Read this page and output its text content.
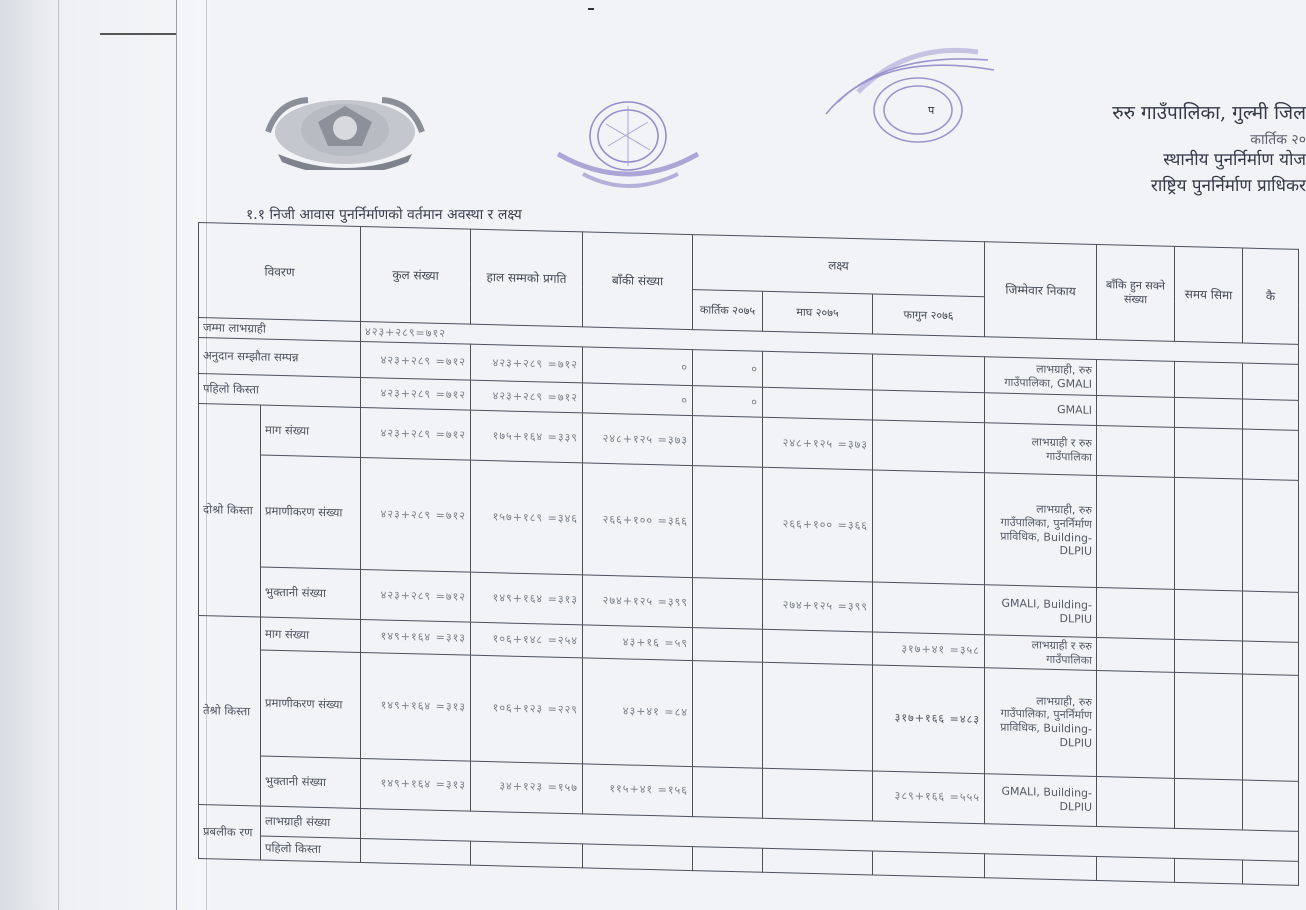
प	रुरु गाउँपालिका, गुल्मी जिल
कार्तिक २०
स्थानीय पुनर्निर्माण योज
राष्ट्रिय पुनर्निर्माण प्राधिकर
१.१ निजी आवास पुनर्निर्माणको वर्तमान अवस्था र लक्ष्य
विवरण		कुल संख्या	हाल सम्मको प्रगति	बाँकी संख्या	लक्ष्य			जिम्मेवार निकाय	बाँकि हुन सक्ने संख्या	समय सिमा	कै
					कार्तिक २०७५	माघ २०७५	फागुन २०७६				
जम्मा लाभग्राही		४२३+२८९=७१२									
अनुदान सम्झौता सम्पन्न		४२३+२८९ =७१२	४२३+२८९ =७१२	०	०			लाभग्राही, रुरु गाउँपालिका, GMALI			
पहिलो किस्ता		४२३+२८९ =७१२	४२३+२८९ =७१२	०	०			GMALI			
दोश्रो किस्ता	माग संख्या	४२३+२८९ =७१२	१७५+१६४ =३३९	२४८+१२५ =३७३		२४८+१२५ =३७३		लाभग्राही र रुरु गाउँपालिका			
	प्रमाणीकरण संख्या	४२३+२८९ =७१२	१५७+१८९ =३४६	२६६+१०० =३६६		२६६+१०० =३६६		लाभग्राही, रुरु गाउँपालिका, पुनर्निर्माण प्राविधिक, Building- DLPIU			
	भुक्तानी संख्या	४२३+२८९ =७१२	१४९+१६४ =३१३	२७४+१२५ =३९९		२७४+१२५ =३९९		GMALI, Building- DLPIU			
तेश्रो किस्ता	माग संख्या	१४९+१६४ =३१३	१०६+१४८ =२५४	४३+१६ =५९			३१७+४१ =३५८	लाभग्राही र रुरु गाउँपालिका			
	प्रमाणीकरण संख्या	१४९+१६४ =३१३	१०६+१२३ =२२९	४३+४१ =८४			३१७+१६६ =४८३	लाभग्राही, रुरु गाउँपालिका, पुनर्निर्माण प्राविधिक, Building- DLPIU			
	भुक्तानी संख्या	१४९+१६४ =३१३	३४+१२३ =१५७	११५+४१ =१५६			३८९+१६६ =५५५	GMALI, Building- DLPIU			
प्रबलीक रण	लाभग्राही संख्या										
	पहिलो किस्ता										
